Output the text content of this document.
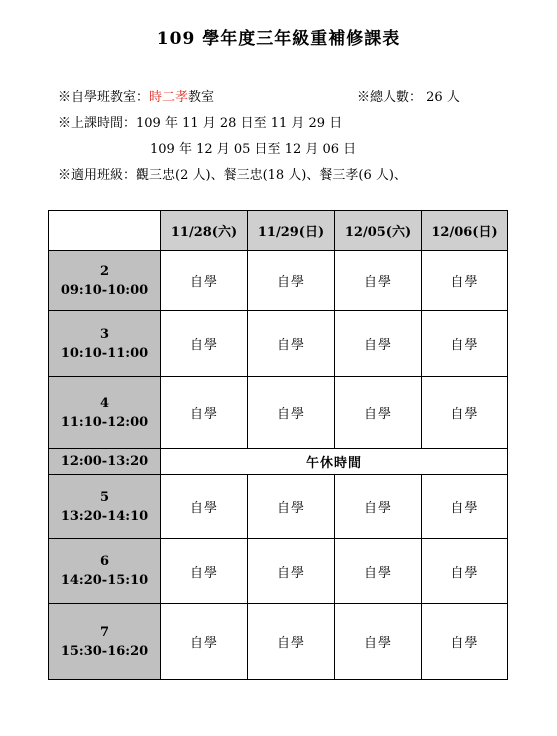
109 學年度三年級重補修課表
※自學班教室：時二孝教室	※總人數： 26 人
※上課時間：109 年 11 月 28 日至 11 月 29 日
109 年 12 月 05 日至 12 月 06 日
※適用班級：觀三忠(2 人)、餐三忠(18 人)、餐三孝(6 人)、
	11/28(六)	11/29(日)	12/05(六)	12/06(日)

2
09:10-10:00	自學	自學	自學	自學

3
10:10-11:00	自學	自學	自學	自學

4
11:10-12:00	自學	自學	自學	自學
12:00-13:20	午休時間			

5
13:20-14:10	自學	自學	自學	自學

6
14:20-15:10	自學	自學	自學	自學

7
15:30-16:20	自學	自學	自學	自學
